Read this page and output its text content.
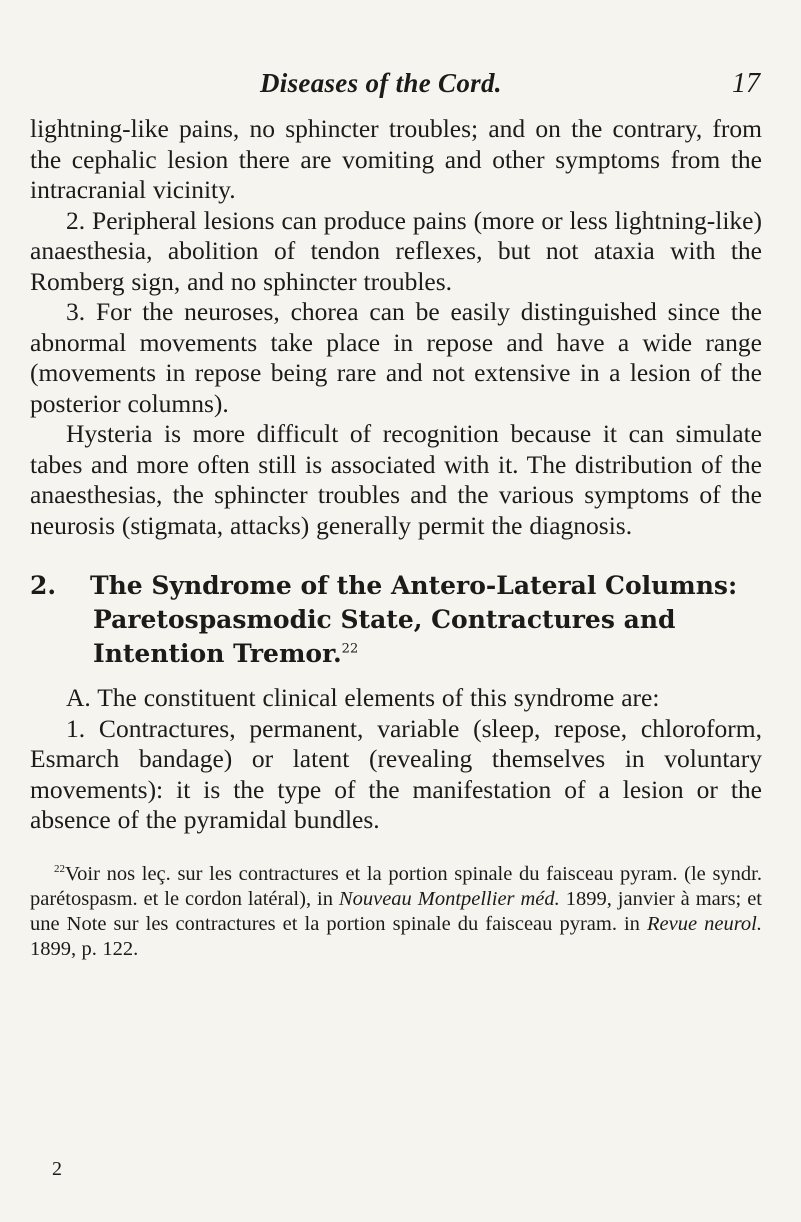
Diseases of the Cord.	17

lightning-like pains, no sphincter troubles; and on the contrary, from the cephalic lesion there are vomiting and other symptoms from the intracranial vicinity.

2. Peripheral lesions can produce pains (more or less lightning-like) anaesthesia, abolition of tendon reflexes, but not ataxia with the Romberg sign, and no sphincter troubles.

3. For the neuroses, chorea can be easily distinguished since the abnormal movements take place in repose and have a wide range (movements in repose being rare and not extensive in a lesion of the posterior columns).

Hysteria is more difficult of recognition because it can simulate tabes and more often still is associated with it. The distribution of the anaesthesias, the sphincter troubles and the various symptoms of the neurosis (stigmata, attacks) generally permit the diagnosis.

2. The Syndrome of the Antero-Lateral Columns: Paretospasmodic State, Contractures and Intention Tremor.$^{22}$

A. The constituent clinical elements of this syndrome are:

1. Contractures, permanent, variable (sleep, repose, chloroform, Esmarch bandage) or latent (revealing themselves in voluntary movements): it is the type of the manifestation of a lesion or the absence of the pyramidal bundles.

$^{22}$Voir nos leç. sur les contractures et la portion spinale du faisceau pyram. (le syndr. parétospasm. et le cordon latéral), in Nouveau Montpellier méd. 1899, janvier à mars; et une Note sur les contractures et la portion spinale du faisceau pyram. in Revue neurol. 1899, p. 122.

2
